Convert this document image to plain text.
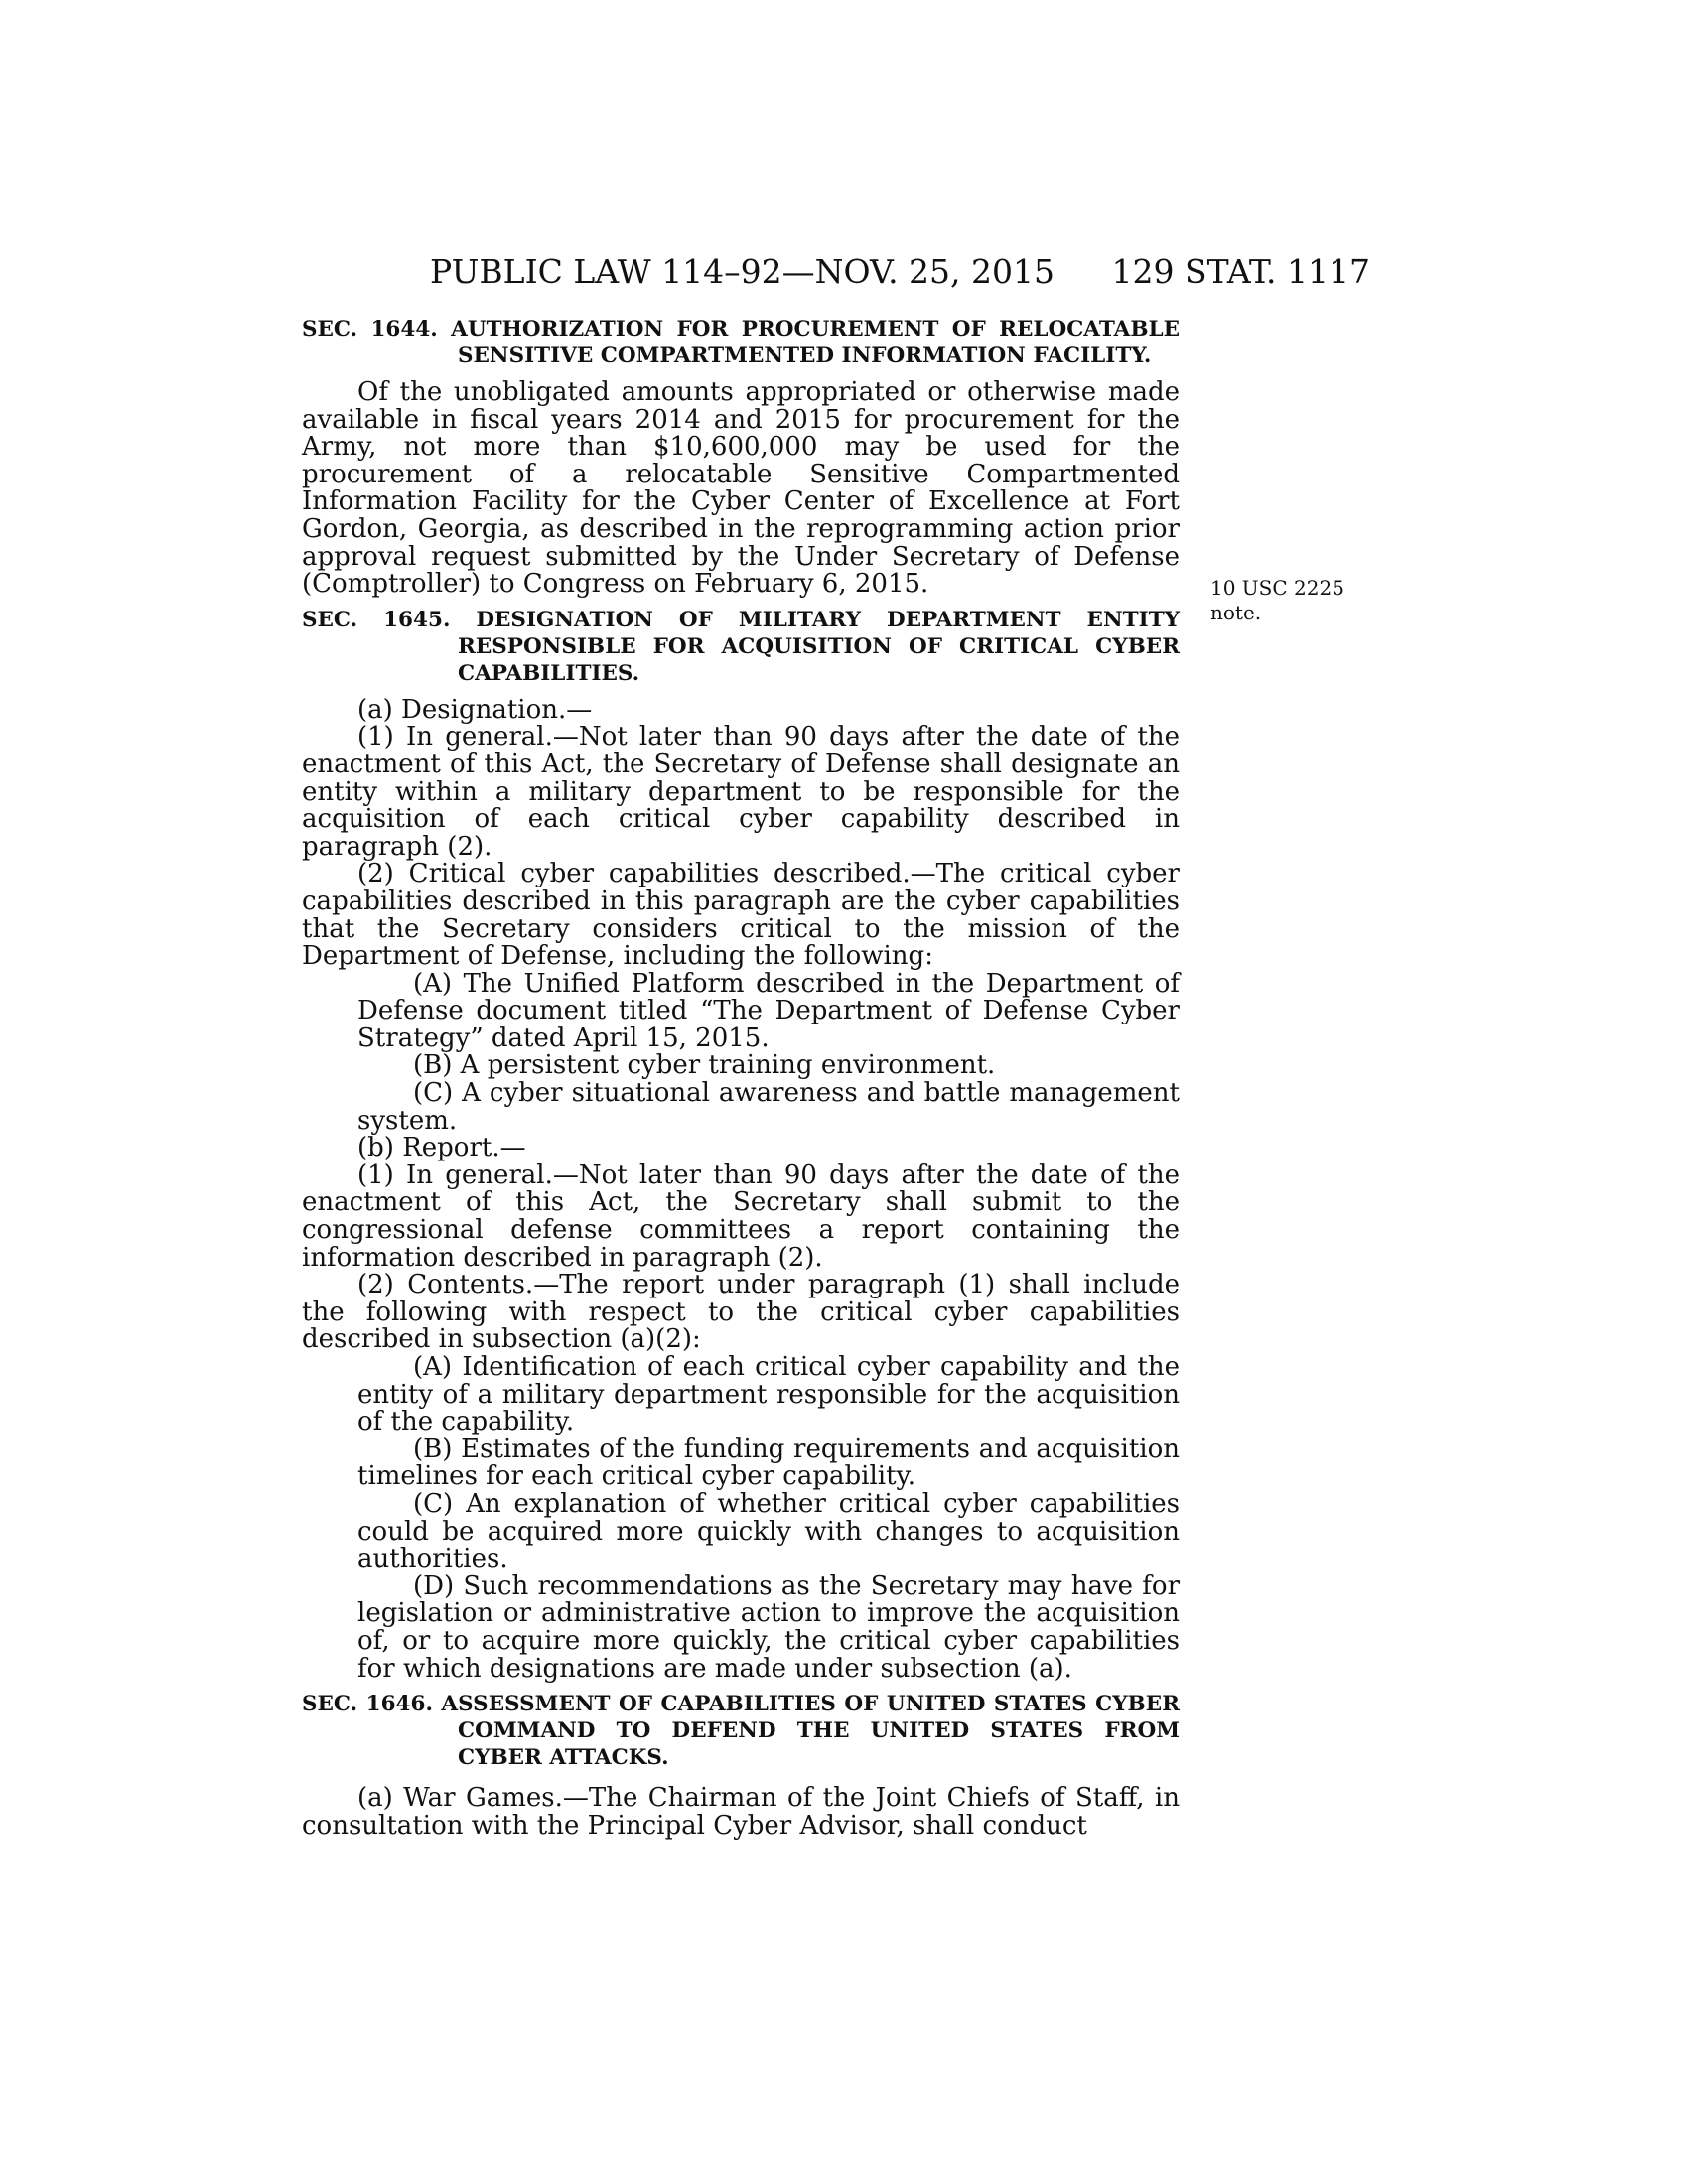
PUBLIC LAW 114–92—NOV. 25, 2015 129 STAT. 1117
10 USC 2225
note.
SEC. 1644. AUTHORIZATION FOR PROCUREMENT OF RELOCATABLE SENSITIVE COMPARTMENTED INFORMATION FACILITY.

Of the unobligated amounts appropriated or otherwise made available in fiscal years 2014 and 2015 for procurement for the Army, not more than $10,600,000 may be used for the procurement of a relocatable Sensitive Compartmented Information Facility for the Cyber Center of Excellence at Fort Gordon, Georgia, as described in the reprogramming action prior approval request submitted by the Under Secretary of Defense (Comptroller) to Congress on February 6, 2015.

SEC. 1645. DESIGNATION OF MILITARY DEPARTMENT ENTITY RESPONSIBLE FOR ACQUISITION OF CRITICAL CYBER CAPABILITIES.

(a) Designation.—

(1) In general.—Not later than 90 days after the date of the enactment of this Act, the Secretary of Defense shall designate an entity within a military department to be responsible for the acquisition of each critical cyber capability described in paragraph (2).

(2) Critical cyber capabilities described.—The critical cyber capabilities described in this paragraph are the cyber capabilities that the Secretary considers critical to the mission of the Department of Defense, including the following:

(A) The Unified Platform described in the Department of Defense document titled “The Department of Defense Cyber Strategy” dated April 15, 2015.

(B) A persistent cyber training environment.

(C) A cyber situational awareness and battle management system.

(b) Report.—

(1) In general.—Not later than 90 days after the date of the enactment of this Act, the Secretary shall submit to the congressional defense committees a report containing the information described in paragraph (2).

(2) Contents.—The report under paragraph (1) shall include the following with respect to the critical cyber capabilities described in subsection (a)(2):

(A) Identification of each critical cyber capability and the entity of a military department responsible for the acquisition of the capability.

(B) Estimates of the funding requirements and acquisition timelines for each critical cyber capability.

(C) An explanation of whether critical cyber capabilities could be acquired more quickly with changes to acquisition authorities.

(D) Such recommendations as the Secretary may have for legislation or administrative action to improve the acquisition of, or to acquire more quickly, the critical cyber capabilities for which designations are made under subsection (a).

SEC. 1646. ASSESSMENT OF CAPABILITIES OF UNITED STATES CYBER COMMAND TO DEFEND THE UNITED STATES FROM CYBER ATTACKS.

(a) War Games.—The Chairman of the Joint Chiefs of Staff, in consultation with the Principal Cyber Advisor, shall conduct
